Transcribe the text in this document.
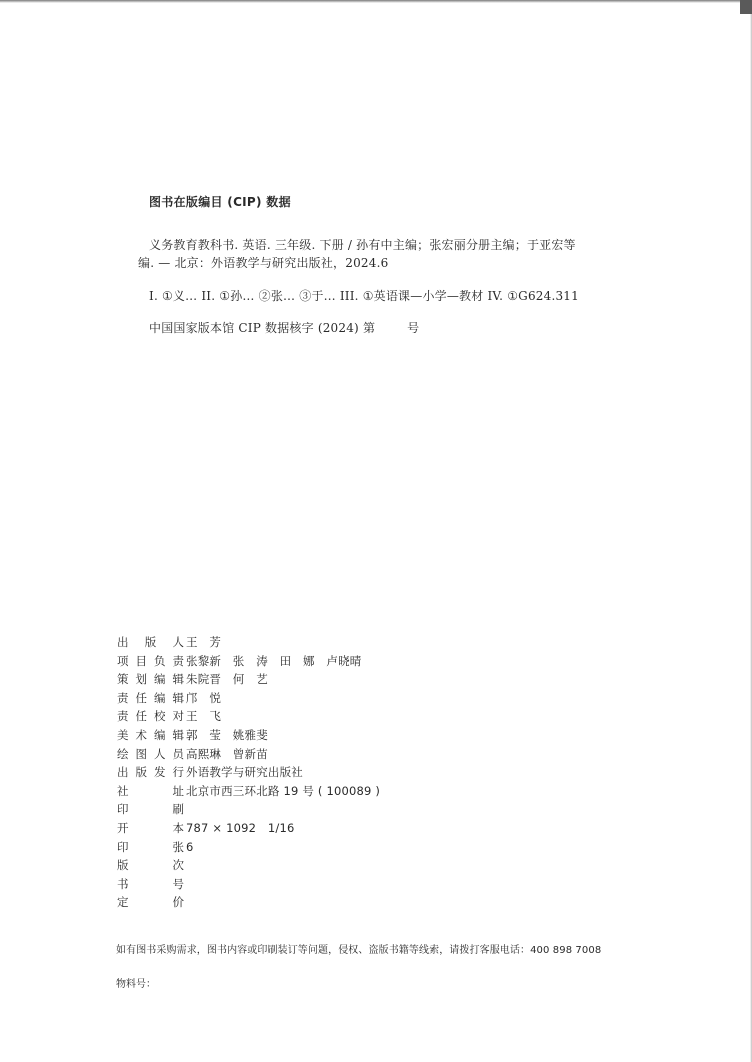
图书在版编目 (CIP) 数据
义务教育教科书. 英语. 三年级. 下册 / 孙有中主编；张宏丽分册主编；于亚宏等
编. — 北京：外语教学与研究出版社，2024.6
I. ①义… II. ①孙… ②张… ③于… III. ①英语课—小学—教材 IV. ①G624.311
中国国家版本馆 CIP 数据核字 (2024) 第	号
出 版 人 王　芳
项 目 负 责 张黎新　张　涛　田　娜　卢晓晴
策 划 编 辑 朱院晋　何　艺
责 任 编 辑 邝　悦
责 任 校 对 王　飞
美 术 编 辑 郭　莹　姚雅斐
绘 图 人 员 高熙琳　曾新苗
出 版 发 行 外语教学与研究出版社
社	址 北京市西三环北路 19 号 ( 100089 )
印	刷
开	本 787 × 1092　1/16
印	张 6
版	次
书	号
定	价
如有图书采购需求，图书内容或印刷装订等问题，侵权、盗版书籍等线索，请拨打客服电话：400 898 7008
物料号：
